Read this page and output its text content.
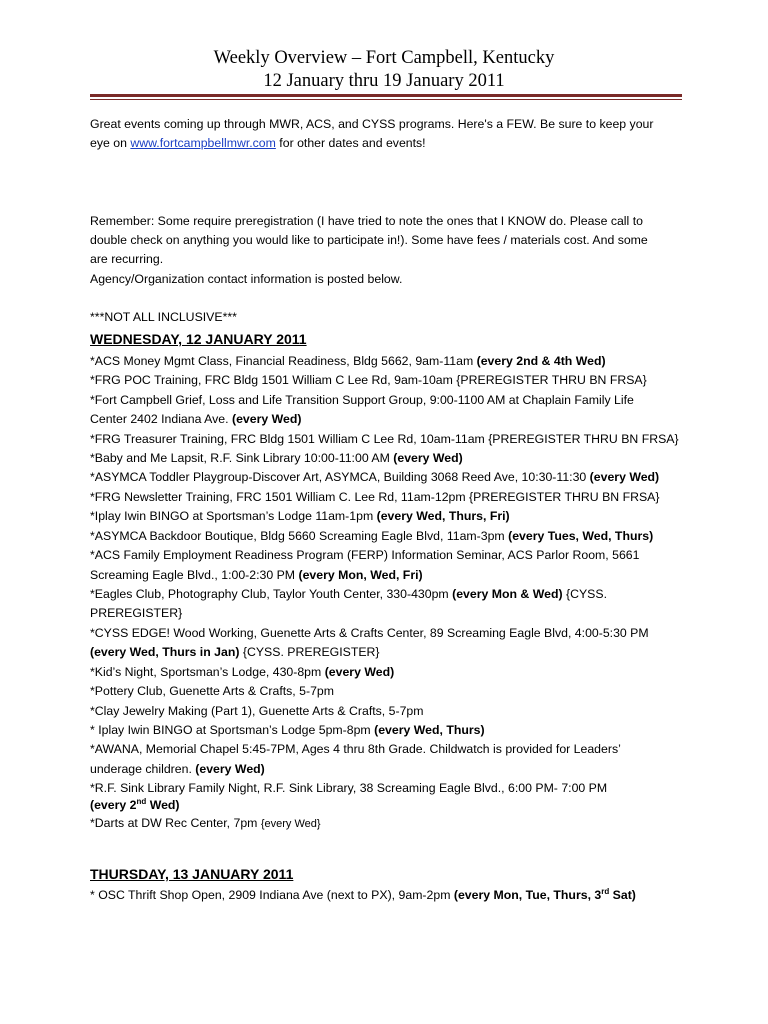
Weekly Overview – Fort Campbell, Kentucky
12 January thru 19 January 2011
Great events coming up through MWR, ACS, and CYSS programs. Here's a FEW. Be sure to keep your
eye on www.fortcampbellmwr.com for other dates and events!
Remember: Some require preregistration (I have tried to note the ones that I KNOW do. Please call to
double check on anything you would like to participate in!). Some have fees / materials cost. And some
are recurring.
Agency/Organization contact information is posted below.
***NOT ALL INCLUSIVE***
WEDNESDAY, 12 JANUARY 2011
*ACS Money Mgmt Class, Financial Readiness, Bldg 5662, 9am-11am (every 2nd & 4th Wed)
*FRG POC Training, FRC Bldg 1501 William C Lee Rd, 9am-10am {PREREGISTER THRU BN FRSA}
*Fort Campbell Grief, Loss and Life Transition Support Group, 9:00-1100 AM at Chaplain Family Life
Center 2402 Indiana Ave. (every Wed)
*FRG Treasurer Training, FRC Bldg 1501 William C Lee Rd, 10am-11am {PREREGISTER THRU BN FRSA}
*Baby and Me Lapsit, R.F. Sink Library 10:00-11:00 AM (every Wed)
*ASYMCA Toddler Playgroup-Discover Art, ASYMCA, Building 3068 Reed Ave, 10:30-11:30 (every Wed)
*FRG Newsletter Training, FRC 1501 William C. Lee Rd, 11am-12pm {PREREGISTER THRU BN FRSA}
*Iplay Iwin BINGO at Sportsman’s Lodge 11am-1pm (every Wed, Thurs, Fri)
*ASYMCA Backdoor Boutique, Bldg 5660 Screaming Eagle Blvd, 11am-3pm (every Tues, Wed, Thurs)
*ACS Family Employment Readiness Program (FERP) Information Seminar, ACS Parlor Room, 5661
Screaming Eagle Blvd., 1:00-2:30 PM (every Mon, Wed, Fri)
*Eagles Club, Photography Club, Taylor Youth Center, 330-430pm (every Mon & Wed) {CYSS.
PREREGISTER}
*CYSS EDGE! Wood Working, Guenette Arts & Crafts Center, 89 Screaming Eagle Blvd, 4:00-5:30 PM
(every Wed, Thurs in Jan) {CYSS. PREREGISTER}
*Kid’s Night, Sportsman’s Lodge, 430-8pm (every Wed)
*Pottery Club, Guenette Arts & Crafts, 5-7pm
*Clay Jewelry Making (Part 1), Guenette Arts & Crafts, 5-7pm
* Iplay Iwin BINGO at Sportsman’s Lodge 5pm-8pm (every Wed, Thurs)
*AWANA, Memorial Chapel 5:45-7PM, Ages 4 thru 8th Grade. Childwatch is provided for Leaders’
underage children. (every Wed)
*R.F. Sink Library Family Night, R.F. Sink Library, 38 Screaming Eagle Blvd., 6:00 PM- 7:00 PM
(every 2nd Wed)
*Darts at DW Rec Center, 7pm {every Wed}
THURSDAY, 13 JANUARY 2011
* OSC Thrift Shop Open, 2909 Indiana Ave (next to PX), 9am-2pm (every Mon, Tue, Thurs, 3rd Sat)
